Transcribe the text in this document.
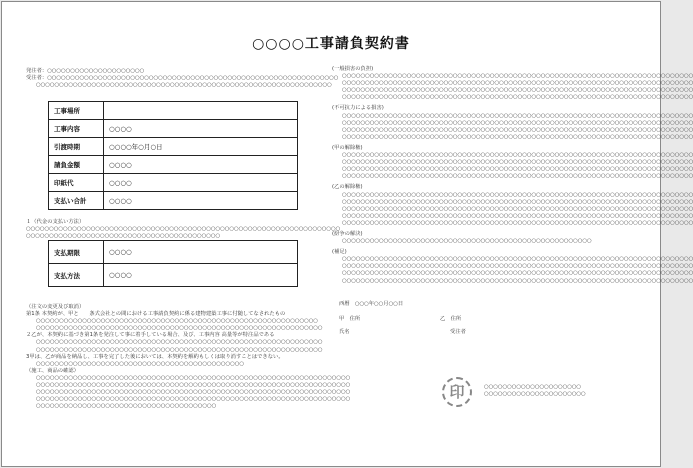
○○○○工事請負契約書
発注者：○○○○○○○○○○○○○○○○○○○○○
受注者：○○○○○○○○○○○○○○○○○○○○○○○○○○○○○○○○○○○○○○○○○○○○○○○○○○○○○○○○○○○○○○○
○○○○○○○○○○○○○○○○○○○○○○○○○○○○○○○○○○○○○○○○○○○○○○○○○○○○○○○○○○○○○○○○
工事場所	
工事内容	○○○○
引渡時期	○○○○年○月○日
請負金額	○○○○
印紙代	○○○○
支払い合計	○○○○
１（代金の支払い方法）
○○○○○○○○○○○○○○○○○○○○○○○○○○○○○○○○○○○○○○○○○○○○○○○○○○○○○○○○○○○○○○○○○○○○
○○○○○○○○○○○○○○○○○○○○○○○○○○○○○○○○○○○○○○○○○○
支払期限	○○○○
支払方法	○○○○
（注文の変更及び取消）
第1条 本契約が、甲と　　条式会社との間における工事請負契約に係る建物建築工事に付随してなされたもの
○○○○○○○○○○○○○○○○○○○○○○○○○○○○○○○○○○○○○○○○○○○○○○○○○○○○○○○○○○○○○
○○○○○○○○○○○○○○○○○○○○○○○○○○○○○○○○○○○○○○○○○○○○○○○○○○○○○○○○○○○○○○
２乙が、本契約に基づき第1条を発注して事に着手している場合、及び、工事内容 高量等が特注品である
○○○○○○○○○○○○○○○○○○○○○○○○○○○○○○○○○○○○○○○○○○○○○○○○○○○○○○○○○○○○○○
○○○○○○○○○○○○○○○○○○○○○○○○○○○○○○○○○○○○○○○○○○○○○○○○○○○○○○○○○○○○○○
3甲は、乙が商品を納品し、工事を完了した後においては、本契約を解約もしくは取り消すことはできない。
○○○○○○○○○○○○○○○○○○○○○○○○○○○○○○○○○○○○○○○○○○○○○
（施工、商品の確認）
○○○○○○○○○○○○○○○○○○○○○○○○○○○○○○○○○○○○○○○○○○○○○○○○○○○○○○○○○○○○○○○○○○○○
○○○○○○○○○○○○○○○○○○○○○○○○○○○○○○○○○○○○○○○○○○○○○○○○○○○○○○○○○○○○○○○○○○○○
○○○○○○○○○○○○○○○○○○○○○○○○○○○○○○○○○○○○○○○○○○○○○○○○○○○○○○○○○○○○○○○○○○○○
○○○○○○○○○○○○○○○○○○○○○○○○○○○○○○○○○○○○○○○○○○○○○○○○○○○○○○○○○○○○○○○○○○○○
○○○○○○○○○○○○○○○○○○○○○○○○○○○○○○○○○○○○○○○
(一般損害の負担)
○○○○○○○○○○○○○○○○○○○○○○○○○○○○○○○○○○○○○○○○○○○○○○○○○○○○○○○○○○○○○○○○○○○○○○○○○○○○
○○○○○○○○○○○○○○○○○○○○○○○○○○○○○○○○○○○○○○○○○○○○○○○○○○○○○○○○○○○○○○○○○○○○○○○○○○○○
○○○○○○○○○○○○○○○○○○○○○○○○○○○○○○○○○○○○○○○○○○○○○○○○○○○○○○○○○○○○○○○○○○○○○○○○○○○○
○○○○○○○○○○○○○○○○○○○○○○○○○○○○○○○○○○○○○○○○○○○○○○○○○○○○○○○○○○○○○○○○○○○○○○○○○○○○
(不可抗力による損害)
○○○○○○○○○○○○○○○○○○○○○○○○○○○○○○○○○○○○○○○○○○○○○○○○○○○○○○○○○○○○○○○○○○○○○○○○○○○○
○○○○○○○○○○○○○○○○○○○○○○○○○○○○○○○○○○○○○○○○○○○○○○○○○○○○○○○○○○○○○○○○○○○○○○○○○○○○
○○○○○○○○○○○○○○○○○○○○○○○○○○○○○○○○○○○○○○○○○○○○○○○○○○○○○○○○○○○○○○○○○○○○○○○○○○○○
○○○○○○○○○○○○○○○○○○○○○○○○○○○○○○○○○○○○○○○○○○○○○○○○○○○○○○○○○○○○○○○○○○○○○○○○○○○○
(甲の解除権)
○○○○○○○○○○○○○○○○○○○○○○○○○○○○○○○○○○○○○○○○○○○○○○○○○○○○○○○○○○○○○○○○○○○○○○○○○○○○
○○○○○○○○○○○○○○○○○○○○○○○○○○○○○○○○○○○○○○○○○○○○○○○○○○○○○○○○○○○○○○○○○○○○○○○○○○○○
○○○○○○○○○○○○○○○○○○○○○○○○○○○○○○○○○○○○○○○○○○○○○○○○○○○○○○○○○○○○○○○○○○○○○○○○○○○○
○○○○○○○○○○○○○○○○○○○○○○○○○○○○○○○○○○○○○○○○○○○○○○○○○○○○○○○○○○○○○○○○○○○○○○○○○○○○
(乙の解除権)
○○○○○○○○○○○○○○○○○○○○○○○○○○○○○○○○○○○○○○○○○○○○○○○○○○○○○○○○○○○○○○○○○○○○○○○○○○○○
○○○○○○○○○○○○○○○○○○○○○○○○○○○○○○○○○○○○○○○○○○○○○○○○○○○○○○○○○○○○○○○○○○○○○○○○○○○○
○○○○○○○○○○○○○○○○○○○○○○○○○○○○○○○○○○○○○○○○○○○○○○○○○○○○○○○○○○○○○○○○○○○○○○○○○○○○
○○○○○○○○○○○○○○○○○○○○○○○○○○○○○○○○○○○○○○○○○○○○○○○○○○○○○○○○○○○○○○○○○○○○○○○○○○○○
○○○○○○○○○○○○○○○○○○○○○○○○○○○○○○○○○○○○○○○○○○○○○○○○○○○○○○○○○○○○○○○○○○○○○○○○○○○○
(紛争の解決)
○○○○○○○○○○○○○○○○○○○○○○○○○○○○○○○○○○○○○○○○○○○○○○○○○○○○○○
(補足)
○○○○○○○○○○○○○○○○○○○○○○○○○○○○○○○○○○○○○○○○○○○○○○○○○○○○○○○○○○○○○○○○○○○○○○○○○○○○
○○○○○○○○○○○○○○○○○○○○○○○○○○○○○○○○○○○○○○○○○○○○○○○○○○○○○○○○○○○○○○○○○○○○○○○○○○○○
○○○○○○○○○○○○○○○○○○○○○○○○○○○○○○○○○○○○○○○○○○○○○○○○○○○○○○○○○○○○○○○○○○○○○○○○○○○○
○○○○○○○○○○○○○○○○○○○○○○○○○○○○○○○○○○○○○○○○○○○○○○○○○○○○○○○○○○○○○○○○○○○○○○○○○○○○
西暦　○○○年○○月○○日
甲　住所	乙　住所
氏名	受注者
印	○○○○○○○○○○○○○○○○○○○○○
○○○○○○○○○○○○○○○○○○○○○○
